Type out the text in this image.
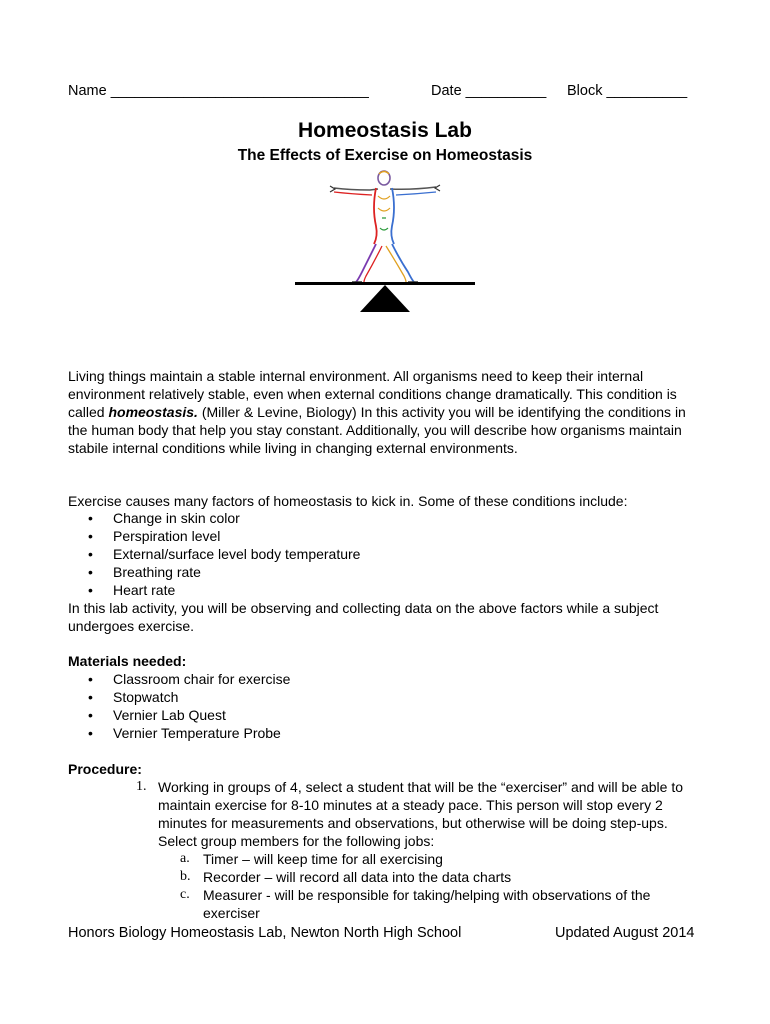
Name ________________________________	Date __________ Block __________
Homeostasis Lab
The Effects of Exercise on Homeostasis
Living things maintain a stable internal environment. All organisms need to keep their internal environment relatively stable, even when external conditions change dramatically. This condition is called homeostasis. (Miller & Levine, Biology) In this activity you will be identifying the conditions in the human body that help you stay constant. Additionally, you will describe how organisms maintain stabile internal conditions while living in changing external environments.
Exercise causes many factors of homeostasis to kick in. Some of these conditions include:
• Change in skin color
• Perspiration level
• External/surface level body temperature
• Breathing rate
• Heart rate
In this lab activity, you will be observing and collecting data on the above factors while a subject undergoes exercise.
Materials needed:
• Classroom chair for exercise
• Stopwatch
• Vernier Lab Quest
• Vernier Temperature Probe
Procedure:
1. Working in groups of 4, select a student that will be the “exerciser” and will be able to maintain exercise for 8-10 minutes at a steady pace. This person will stop every 2 minutes for measurements and observations, but otherwise will be doing step-ups. Select group members for the following jobs:
a. Timer – will keep time for all exercising
b. Recorder – will record all data into the data charts
c. Measurer - will be responsible for taking/helping with observations of the exerciser
Honors Biology Homeostasis Lab, Newton North High School	Updated August 2014
